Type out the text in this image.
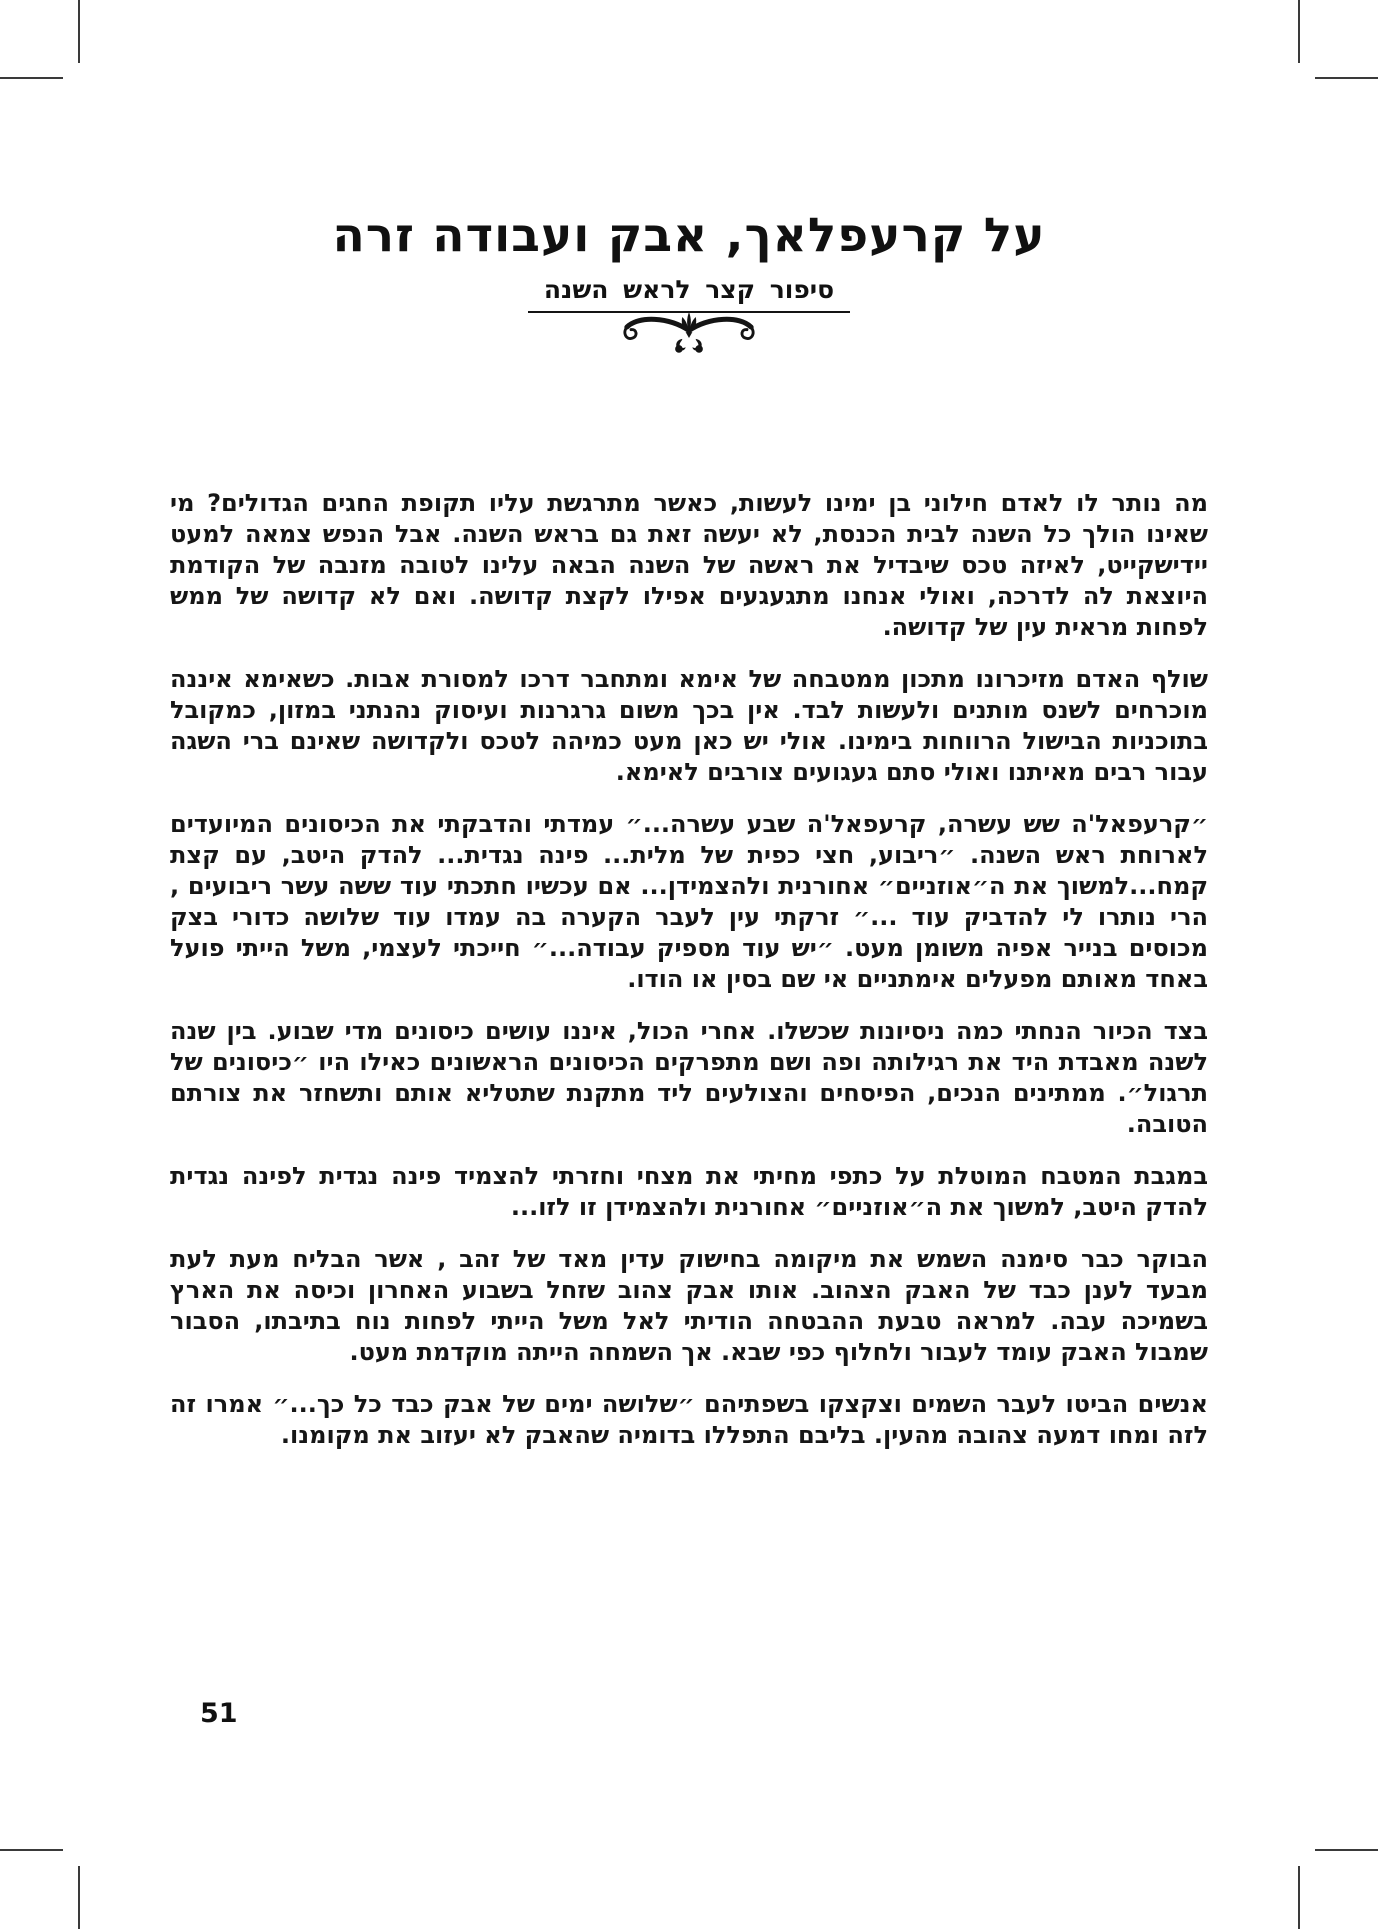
על קרעפלאך, אבק ועבודה זרה
סיפור קצר לראש השנה

מה נותר לו לאדם חילוני בן ימינו לעשות, כאשר מתרגשת עליו תקופת החגים הגדולים? מי שאינו הולך כל השנה לבית הכנסת, לא יעשה זאת גם בראש השנה. אבל הנפש צמאה למעט יידישקייט, לאיזה טכס שיבדיל את ראשה של השנה הבאה עלינו לטובה מזנבה של הקודמת היוצאת לה לדרכה, ואולי אנחנו מתגעגעים אפילו לקצת קדושה. ואם לא קדושה של ממש לפחות מראית עין של קדושה.

שולף האדם מזיכרונו מתכון ממטבחה של אימא ומתחבר דרכו למסורת אבות. כשאימא איננה מוכרחים לשנס מותנים ולעשות לבד. אין בכך משום גרגרנות ועיסוק נהנתני במזון, כמקובל בתוכניות הבישול הרווחות בימינו. אולי יש כאן מעט כמיהה לטכס ולקדושה שאינם ברי השגה עבור רבים מאיתנו ואולי סתם געגועים צורבים לאימא.

״קרעפאל'ה שש עשרה, קרעפאל'ה שבע עשרה...״ עמדתי והדבקתי את הכיסונים המיועדים לארוחת ראש השנה. ״ריבוע, חצי כפית של מלית... פינה נגדית... להדק היטב, עם קצת קמח...למשוך את ה״אוזניים״ אחורנית ולהצמידן... אם עכשיו חתכתי עוד ששה עשר ריבועים , הרי נותרו לי להדביק עוד ...״ זרקתי עין לעבר הקערה בה עמדו עוד שלושה כדורי בצק מכוסים בנייר אפיה משומן מעט. ״יש עוד מספיק עבודה...״ חייכתי לעצמי, משל הייתי פועל באחד מאותם מפעלים אימתניים אי שם בסין או הודו.

בצד הכיור הנחתי כמה ניסיונות שכשלו. אחרי הכול, איננו עושים כיסונים מדי שבוע. בין שנה לשנה מאבדת היד את רגילותה ופה ושם מתפרקים הכיסונים הראשונים כאילו היו ״כיסונים של תרגול״. ממתינים הנכים, הפיסחים והצולעים ליד מתקנת שתטליא אותם ותשחזר את צורתם הטובה.

במגבת המטבח המוטלת על כתפי מחיתי את מצחי וחזרתי להצמיד פינה נגדית לפינה נגדית להדק היטב, למשוך את ה״אוזניים״ אחורנית ולהצמידן זו לזו...

הבוקר כבר סימנה השמש את מיקומה בחישוק עדין מאד של זהב , אשר הבליח מעת לעת מבעד לענן כבד של האבק הצהוב. אותו אבק צהוב שזחל בשבוע האחרון וכיסה את הארץ בשמיכה עבה. למראה טבעת ההבטחה הודיתי לאל משל הייתי לפחות נוח בתיבתו, הסבור שמבול האבק עומד לעבור ולחלוף כפי שבא. אך השמחה הייתה מוקדמת מעט.

אנשים הביטו לעבר השמים וצקצקו בשפתיהם ״שלושה ימים של אבק כבד כל כך...״ אמרו זה לזה ומחו דמעה צהובה מהעין. בליבם התפללו בדומיה שהאבק לא יעזוב את מקומנו.

51
